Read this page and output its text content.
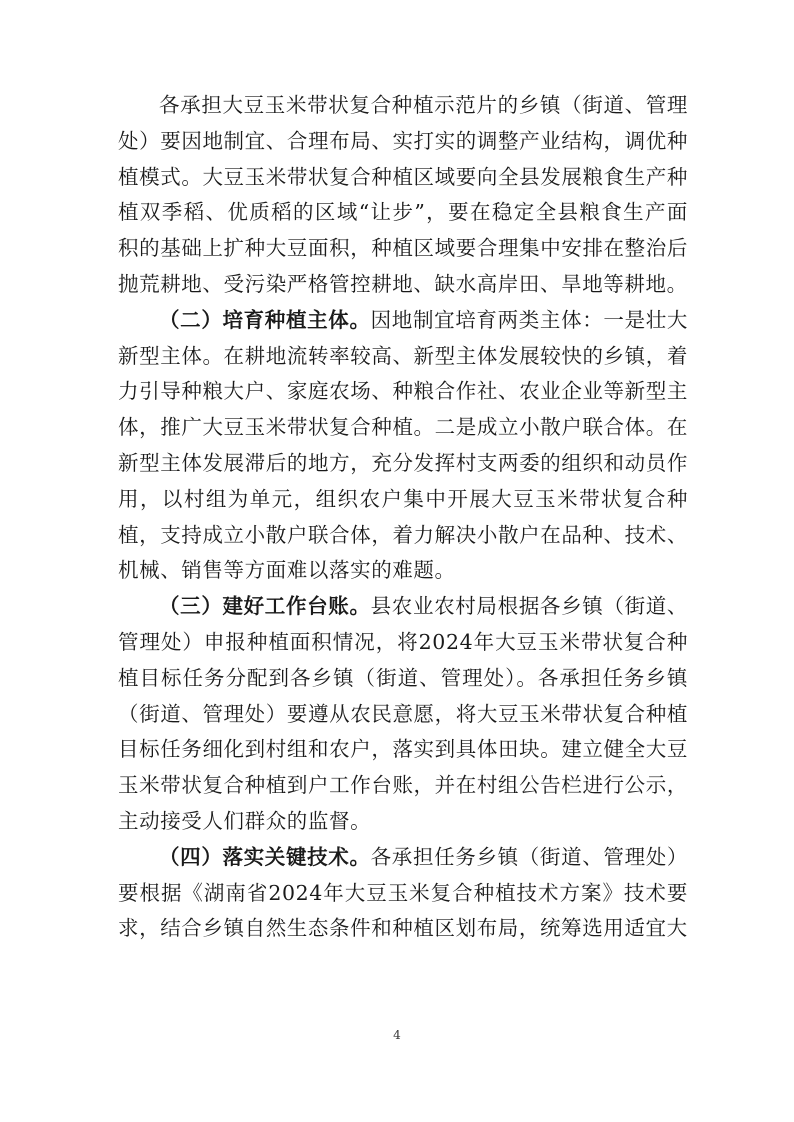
各承担大豆玉米带状复合种植示范片的乡镇（街道、管理处）要因地制宜、合理布局、实打实的调整产业结构，调优种植模式。大豆玉米带状复合种植区域要向全县发展粮食生产种植双季稻、优质稻的区域“让步”，要在稳定全县粮食生产面积的基础上扩种大豆面积，种植区域要合理集中安排在整治后抛荒耕地、受污染严格管控耕地、缺水高岸田、旱地等耕地。

（二）培育种植主体。因地制宜培育两类主体：一是壮大新型主体。在耕地流转率较高、新型主体发展较快的乡镇，着力引导种粮大户、家庭农场、种粮合作社、农业企业等新型主体，推广大豆玉米带状复合种植。二是成立小散户联合体。在新型主体发展滞后的地方，充分发挥村支两委的组织和动员作用，以村组为单元，组织农户集中开展大豆玉米带状复合种植，支持成立小散户联合体，着力解决小散户在品种、技术、机械、销售等方面难以落实的难题。

（三）建好工作台账。县农业农村局根据各乡镇（街道、管理处）申报种植面积情况，将2024年大豆玉米带状复合种植目标任务分配到各乡镇（街道、管理处）。各承担任务乡镇（街道、管理处）要遵从农民意愿，将大豆玉米带状复合种植目标任务细化到村组和农户，落实到具体田块。建立健全大豆玉米带状复合种植到户工作台账，并在村组公告栏进行公示，主动接受人们群众的监督。

（四）落实关键技术。各承担任务乡镇（街道、管理处）要根据《湖南省2024年大豆玉米复合种植技术方案》技术要求，结合乡镇自然生态条件和种植区划布局，统筹选用适宜大

4
